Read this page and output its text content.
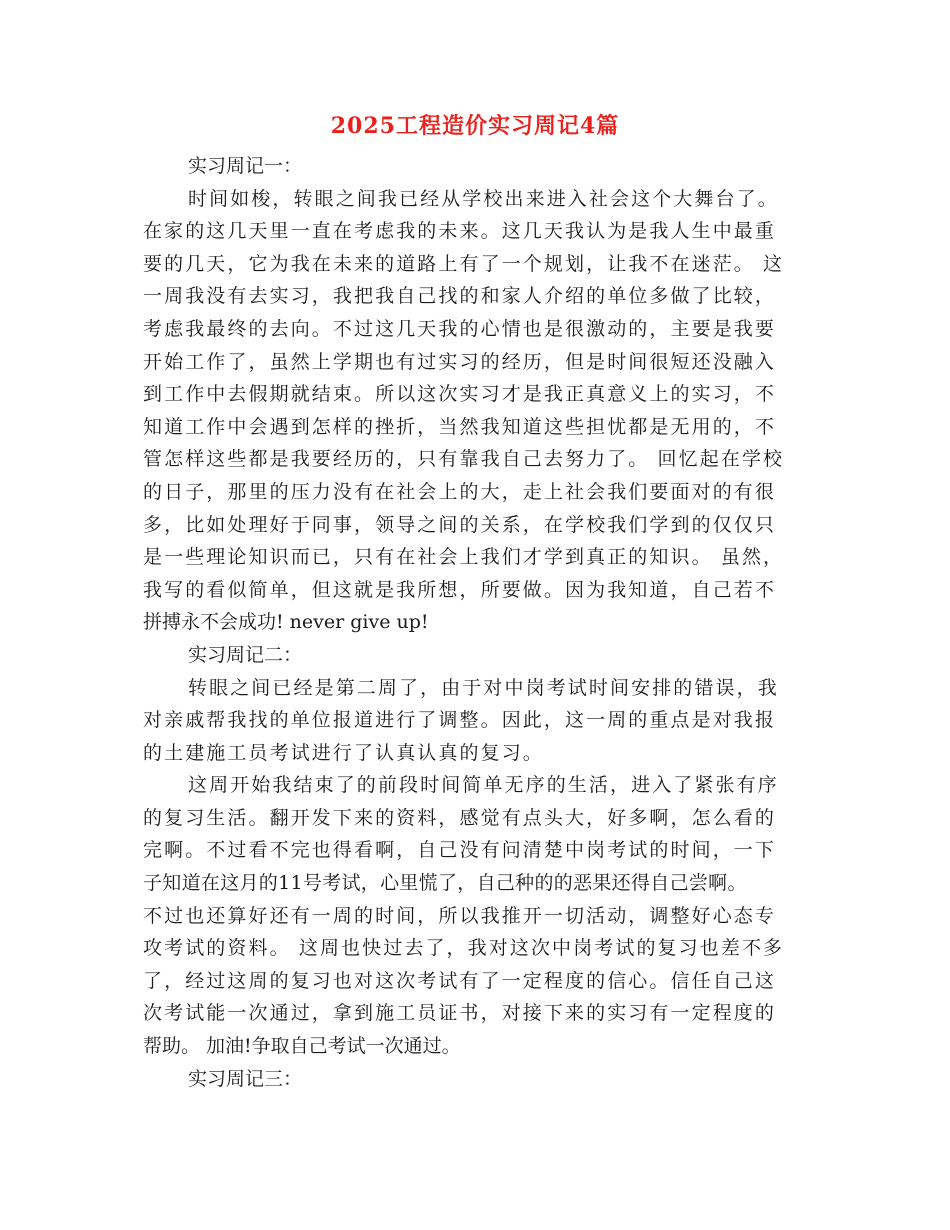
2025工程造价实习周记4篇
实习周记一：
时间如梭，转眼之间我已经从学校出来进入社会这个大舞台了。
在家的这几天里一直在考虑我的未来。这几天我认为是我人生中最重
要的几天，它为我在未来的道路上有了一个规划，让我不在迷茫。 这
一周我没有去实习，我把我自己找的和家人介绍的单位多做了比较，
考虑我最终的去向。不过这几天我的心情也是很激动的，主要是我要
开始工作了，虽然上学期也有过实习的经历，但是时间很短还没融入
到工作中去假期就结束。所以这次实习才是我正真意义上的实习，不
知道工作中会遇到怎样的挫折，当然我知道这些担忧都是无用的，不
管怎样这些都是我要经历的，只有靠我自己去努力了。 回忆起在学校
的日子，那里的压力没有在社会上的大，走上社会我们要面对的有很
多，比如处理好于同事，领导之间的关系，在学校我们学到的仅仅只
是一些理论知识而已，只有在社会上我们才学到真正的知识。 虽然，
我写的看似简单，但这就是我所想，所要做。因为我知道，自己若不
拼搏永不会成功! never give up!
实习周记二：
转眼之间已经是第二周了，由于对中岗考试时间安排的错误，我
对亲戚帮我找的单位报道进行了调整。因此，这一周的重点是对我报
的土建施工员考试进行了认真认真的复习。
这周开始我结束了的前段时间简单无序的生活，进入了紧张有序
的复习生活。翻开发下来的资料，感觉有点头大，好多啊，怎么看的
完啊。不过看不完也得看啊，自己没有问清楚中岗考试的时间，一下
子知道在这月的11号考试，心里慌了，自己种的的恶果还得自己尝啊。
不过也还算好还有一周的时间，所以我推开一切活动，调整好心态专
攻考试的资料。 这周也快过去了，我对这次中岗考试的复习也差不多
了，经过这周的复习也对这次考试有了一定程度的信心。信任自己这
次考试能一次通过，拿到施工员证书，对接下来的实习有一定程度的
帮助。 加油!争取自己考试一次通过。
实习周记三：
